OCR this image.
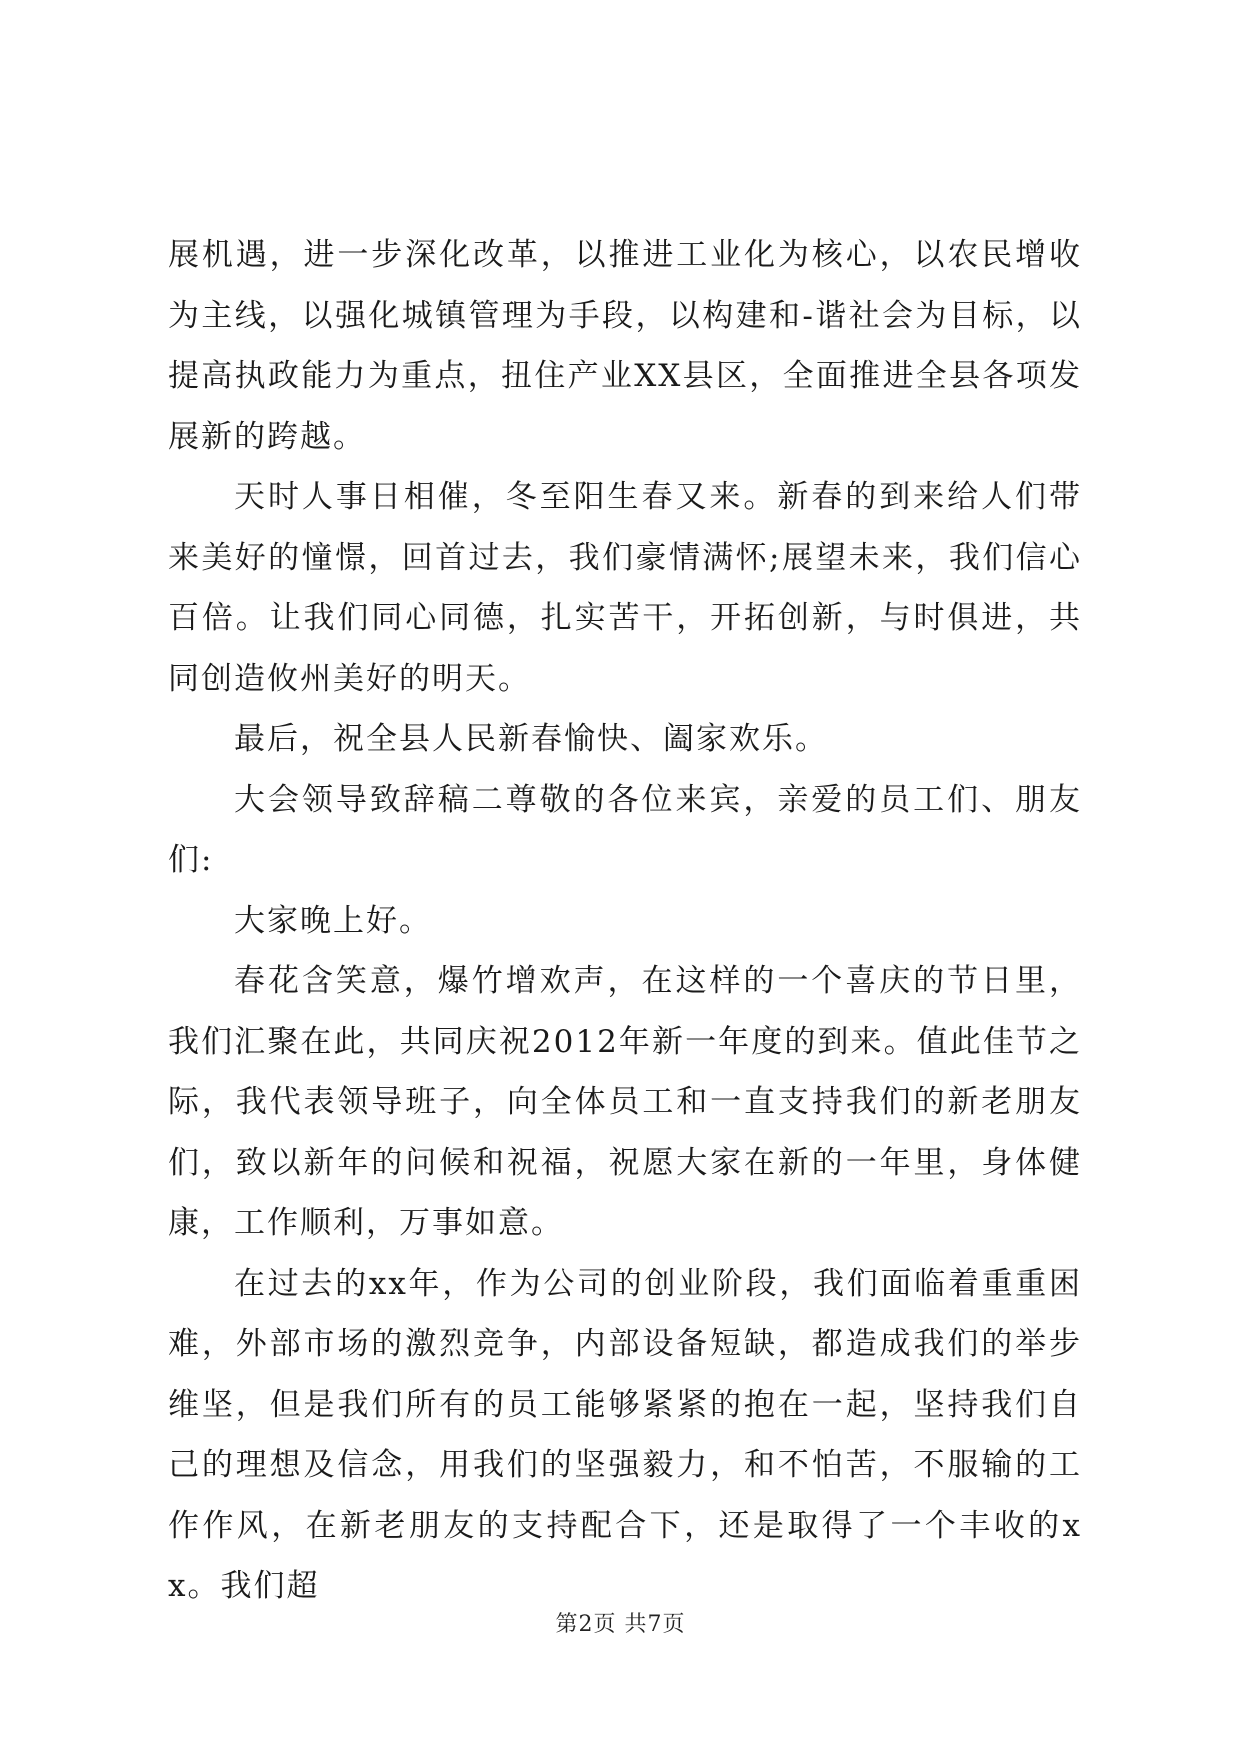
展机遇，进一步深化改革，以推进工业化为核心，以农民增收为主线，以强化城镇管理为手段，以构建和-谐社会为目标，以提高执政能力为重点，扭住产业XX县区，全面推进全县各项发展新的跨越。

天时人事日相催，冬至阳生春又来。新春的到来给人们带来美好的憧憬，回首过去，我们豪情满怀;展望未来，我们信心百倍。让我们同心同德，扎实苦干，开拓创新，与时俱进，共同创造攸州美好的明天。

最后，祝全县人民新春愉快、阖家欢乐。

大会领导致辞稿二尊敬的各位来宾，亲爱的员工们、朋友们:

大家晚上好。

春花含笑意，爆竹增欢声，在这样的一个喜庆的节日里，我们汇聚在此，共同庆祝2012年新一年度的到来。值此佳节之际，我代表领导班子，向全体员工和一直支持我们的新老朋友们，致以新年的问候和祝福，祝愿大家在新的一年里，身体健康，工作顺利，万事如意。

在过去的xx年，作为公司的创业阶段，我们面临着重重困难，外部市场的激烈竞争，内部设备短缺，都造成我们的举步维坚，但是我们所有的员工能够紧紧的抱在一起，坚持我们自己的理想及信念，用我们的坚强毅力，和不怕苦，不服输的工作作风，在新老朋友的支持配合下，还是取得了一个丰收的xx。我们超

第2页 共7页
